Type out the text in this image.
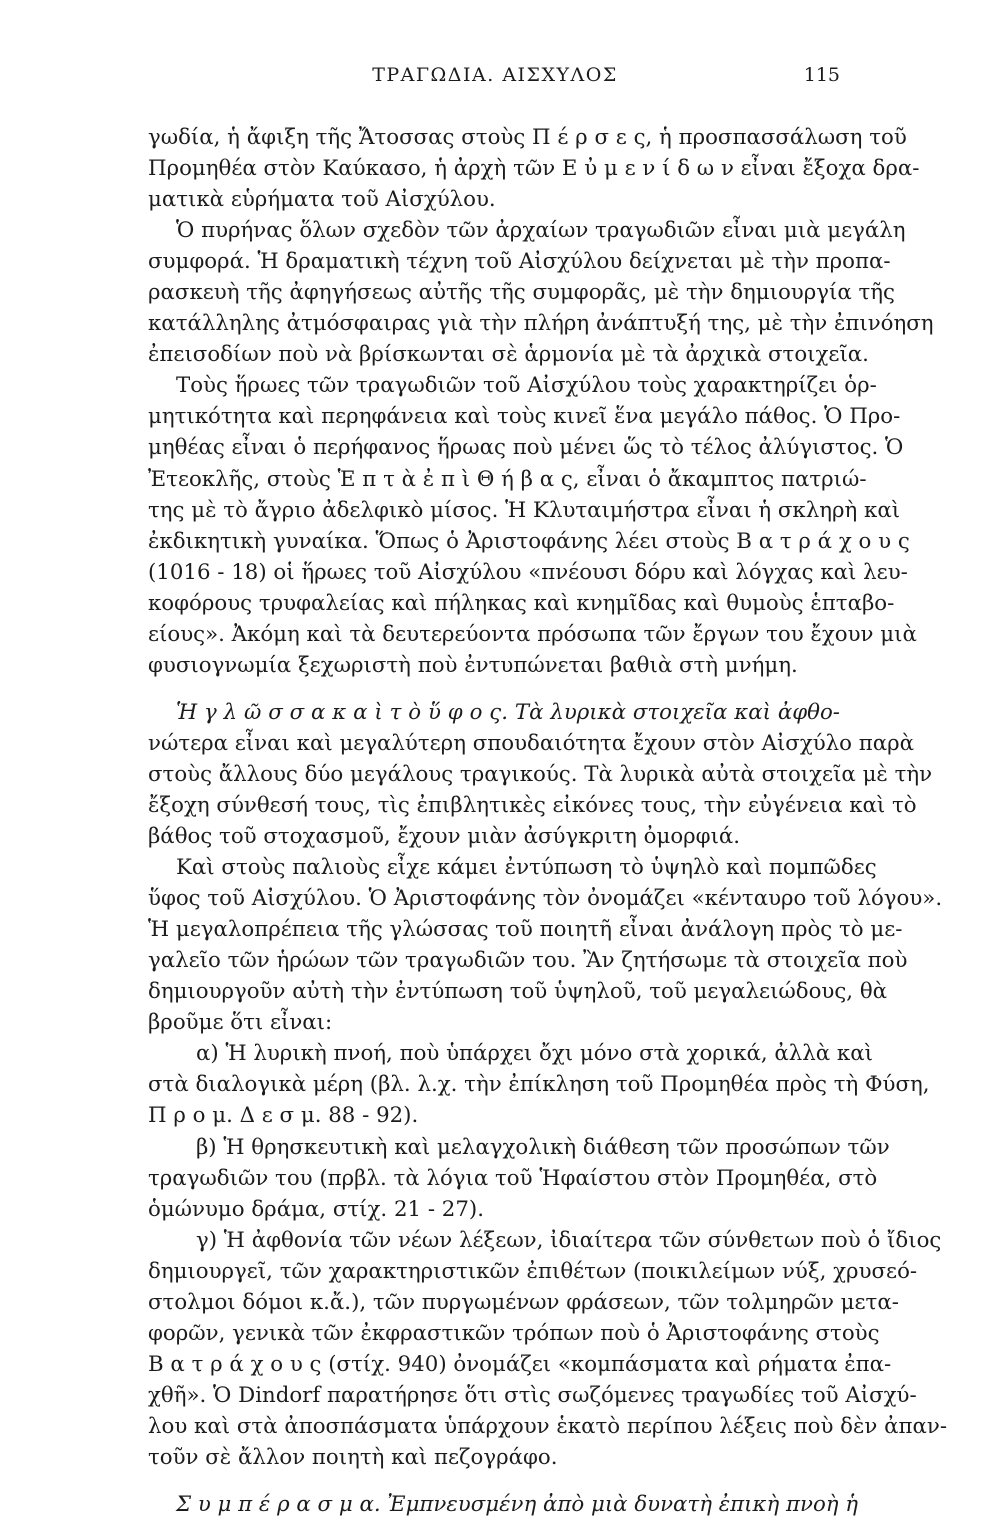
ΤΡΑΓΩΔΙΑ. ΑΙΣΧΥΛΟΣ	115
γωδία, ἡ ἄφιξη τῆς Ἄτοσσας στοὺς Π έ ρ σ ε ς, ἡ προσπασσάλωση τοῦ
Προμηθέα στὸν Καύκασο, ἡ ἀρχὴ τῶν Ε ὐ μ ε ν ί δ ω ν εἶναι ἔξοχα δρα-
ματικὰ εὑρήματα τοῦ Αἰσχύλου.
Ὁ πυρήνας ὅλων σχεδὸν τῶν ἀρχαίων τραγωδιῶν εἶναι μιὰ μεγάλη
συμφορά. Ἡ δραματικὴ τέχνη τοῦ Αἰσχύλου δείχνεται μὲ τὴν προπα-
ρασκευὴ τῆς ἀφηγήσεως αὐτῆς τῆς συμφορᾶς, μὲ τὴν δημιουργία τῆς
κατάλληλης ἀτμόσφαιρας γιὰ τὴν πλήρη ἀνάπτυξή της, μὲ τὴν ἐπινόηση
ἐπεισοδίων ποὺ νὰ βρίσκωνται σὲ ἁρμονία μὲ τὰ ἀρχικὰ στοιχεῖα.
Τοὺς ἥρωες τῶν τραγωδιῶν τοῦ Αἰσχύλου τοὺς χαρακτηρίζει ὁρ-
μητικότητα καὶ περηφάνεια καὶ τοὺς κινεῖ ἕνα μεγάλο πάθος. Ὁ Προ-
μηθέας εἶναι ὁ περήφανος ἥρωας ποὺ μένει ὥς τὸ τέλος ἀλύγιστος. Ὁ
Ἐτεοκλῆς, στοὺς Ἑ π τ ὰ ἐ π ὶ Θ ή β α ς, εἶναι ὁ ἄκαμπτος πατριώ-
της μὲ τὸ ἄγριο ἀδελφικὸ μίσος. Ἡ Κλυταιμήστρα εἶναι ἡ σκληρὴ καὶ
ἐκδικητικὴ γυναίκα. Ὅπως ὁ Ἀριστοφάνης λέει στοὺς Β α τ ρ ά χ ο υ ς
(1016 - 18) οἱ ἥρωες τοῦ Αἰσχύλου «πνέουσι δόρυ καὶ λόγχας καὶ λευ-
κοφόρους τρυφαλείας καὶ πήληκας καὶ κνημῖδας καὶ θυμοὺς ἑπταβο-
είους». Ἀκόμη καὶ τὰ δευτερεύοντα πρόσωπα τῶν ἔργων του ἔχουν μιὰ
φυσιογνωμία ξεχωριστὴ ποὺ ἐντυπώνεται βαθιὰ στὴ μνήμη.
Ἡ γ λ ῶ σ σ α κ α ὶ τ ὸ ὕ φ ο ς. Τὰ λυρικὰ στοιχεῖα καὶ ἀφθο-
νώτερα εἶναι καὶ μεγαλύτερη σπουδαιότητα ἔχουν στὸν Αἰσχύλο παρὰ
στοὺς ἄλλους δύο μεγάλους τραγικούς. Τὰ λυρικὰ αὐτὰ στοιχεῖα μὲ τὴν
ἔξοχη σύνθεσή τους, τὶς ἐπιβλητικὲς εἰκόνες τους, τὴν εὐγένεια καὶ τὸ
βάθος τοῦ στοχασμοῦ, ἔχουν μιὰν ἀσύγκριτη ὀμορφιά.
Καὶ στοὺς παλιοὺς εἶχε κάμει ἐντύπωση τὸ ὑψηλὸ καὶ πομπῶδες
ὕφος τοῦ Αἰσχύλου. Ὁ Ἀριστοφάνης τὸν ὀνομάζει «κένταυρο τοῦ λόγου».
Ἡ μεγαλοπρέπεια τῆς γλώσσας τοῦ ποιητῆ εἶναι ἀνάλογη πρὸς τὸ με-
γαλεῖο τῶν ἡρώων τῶν τραγωδιῶν του. Ἂν ζητήσωμε τὰ στοιχεῖα ποὺ
δημιουργοῦν αὐτὴ τὴν ἐντύπωση τοῦ ὑψηλοῦ, τοῦ μεγαλειώδους, θὰ
βροῦμε ὅτι εἶναι:
α) Ἡ λυρικὴ πνοή, ποὺ ὑπάρχει ὄχι μόνο στὰ χορικά, ἀλλὰ καὶ
στὰ διαλογικὰ μέρη (βλ. λ.χ. τὴν ἐπίκληση τοῦ Προμηθέα πρὸς τὴ Φύση,
Π ρ ο μ. Δ ε σ μ. 88 - 92).
β) Ἡ θρησκευτικὴ καὶ μελαγχολικὴ διάθεση τῶν προσώπων τῶν
τραγωδιῶν του (πρβλ. τὰ λόγια τοῦ Ἡφαίστου στὸν Προμηθέα, στὸ
ὁμώνυμο δράμα, στίχ. 21 - 27).
γ) Ἡ ἀφθονία τῶν νέων λέξεων, ἰδιαίτερα τῶν σύνθετων ποὺ ὁ ἴδιος
δημιουργεῖ, τῶν χαρακτηριστικῶν ἐπιθέτων (ποικιλείμων νύξ, χρυσεό-
στολμοι δόμοι κ.ἄ.), τῶν πυργωμένων φράσεων, τῶν τολμηρῶν μετα-
φορῶν, γενικὰ τῶν ἐκφραστικῶν τρόπων ποὺ ὁ Ἀριστοφάνης στοὺς
Β α τ ρ ά χ ο υ ς (στίχ. 940) ὀνομάζει «κομπάσματα καὶ ρήματα ἐπα-
χθῆ». Ὁ Dindorf παρατήρησε ὅτι στὶς σωζόμενες τραγωδίες τοῦ Αἰσχύ-
λου καὶ στὰ ἀποσπάσματα ὑπάρχουν ἑκατὸ περίπου λέξεις ποὺ δὲν ἀπαν-
τοῦν σὲ ἄλλον ποιητὴ καὶ πεζογράφο.
Σ υ μ π έ ρ α σ μ α. Ἐμπνευσμένη ἀπὸ μιὰ δυνατὴ ἐπικὴ πνοὴ ἡ
